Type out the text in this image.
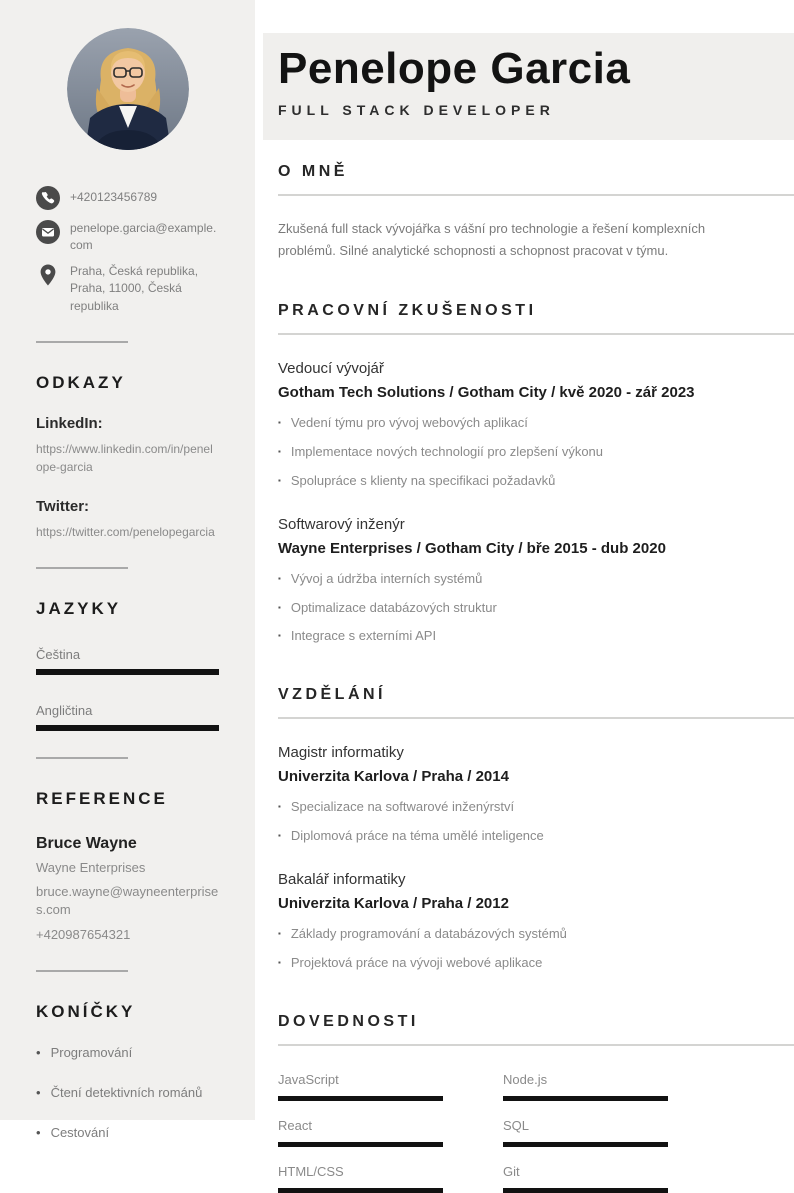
+420123456789
penelope.garcia@example.com
Praha, Česká republika, Praha, 11000, Česká republika
ODKAZY
LinkedIn:
https://www.linkedin.com/in/penelope-garcia
Twitter:
https://twitter.com/penelopegarcia
JAZYKY
Čeština
Angličtina
REFERENCE
Bruce Wayne
Wayne Enterprises
bruce.wayne@wayneenterprises.com
+420987654321
KONÍČKY
• Programování
• Čtení detektivních románů
• Cestování
Penelope Garcia
FULL STACK DEVELOPER
O MNĚ

Zkušená full stack vývojářka s vášní pro technologie a řešení komplexních problémů. Silné analytické schopnosti a schopnost pracovat v týmu.

PRACOVNÍ ZKUŠENOSTI
Vedoucí vývojář
Gotham Tech Solutions / Gotham City / kvě 2020 - zář 2023
▪ Vedení týmu pro vývoj webových aplikací
▪ Implementace nových technologií pro zlepšení výkonu
▪ Spolupráce s klienty na specifikaci požadavků
Softwarový inženýr
Wayne Enterprises / Gotham City / bře 2015 - dub 2020
▪ Vývoj a údržba interních systémů
▪ Optimalizace databázových struktur
▪ Integrace s externími API
VZDĚLÁNÍ
Magistr informatiky
Univerzita Karlova / Praha / 2014
▪ Specializace na softwarové inženýrství
▪ Diplomová práce na téma umělé inteligence
Bakalář informatiky
Univerzita Karlova / Praha / 2012
▪ Základy programování a databázových systémů
▪ Projektová práce na vývoji webové aplikace
DOVEDNOSTI
JavaScript	Node.js
React	SQL
HTML/CSS	Git
